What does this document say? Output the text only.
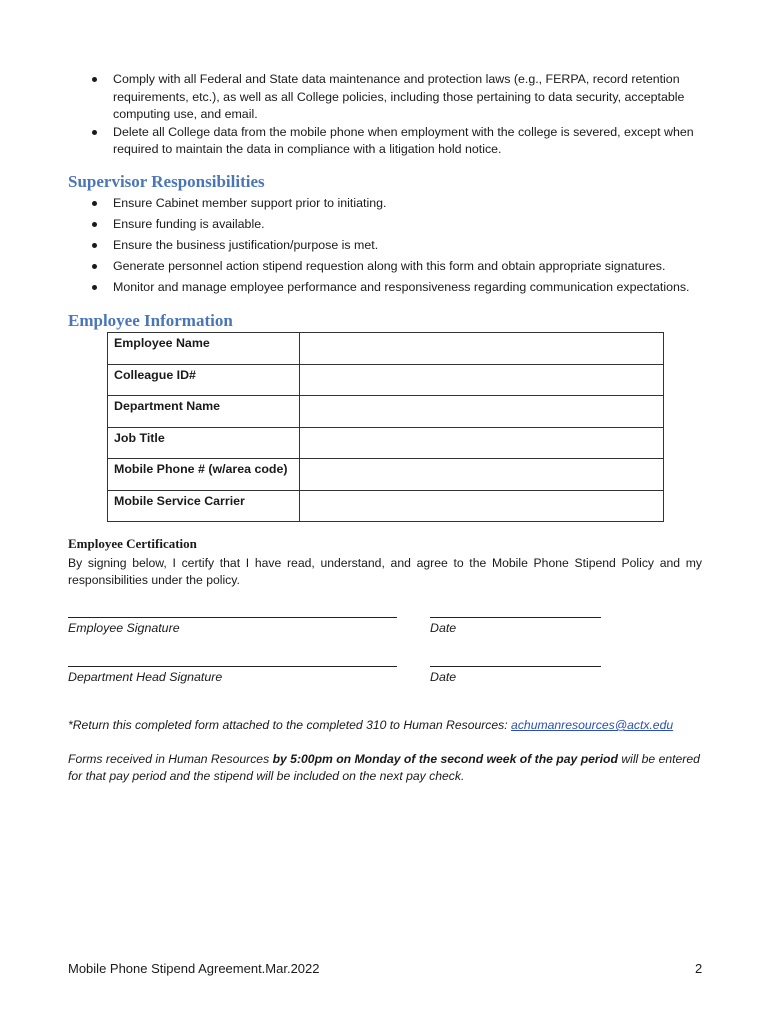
Comply with all Federal and State data maintenance and protection laws (e.g., FERPA, record retention requirements, etc.), as well as all College policies, including those pertaining to data security, acceptable computing use, and email.
Delete all College data from the mobile phone when employment with the college is severed, except when required to maintain the data in compliance with a litigation hold notice.
Supervisor Responsibilities
Ensure Cabinet member support prior to initiating.
Ensure funding is available.
Ensure the business justification/purpose is met.
Generate personnel action stipend requestion along with this form and obtain appropriate signatures.
Monitor and manage employee performance and responsiveness regarding communication expectations.
Employee Information
Employee Name	
Colleague ID#	
Department Name	
Job Title	
Mobile Phone # (w/area code)	
Mobile Service Carrier	
Employee Certification
By signing below, I certify that I have read, understand, and agree to the Mobile Phone Stipend Policy and my responsibilities under the policy.
Employee Signature	Date
Department Head Signature	Date
*Return this completed form attached to the completed 310 to Human Resources: achumanresources@actx.edu
Forms received in Human Resources by 5:00pm on Monday of the second week of the pay period will be entered for that pay period and the stipend will be included on the next pay check.
Mobile Phone Stipend Agreement.Mar.2022	2
